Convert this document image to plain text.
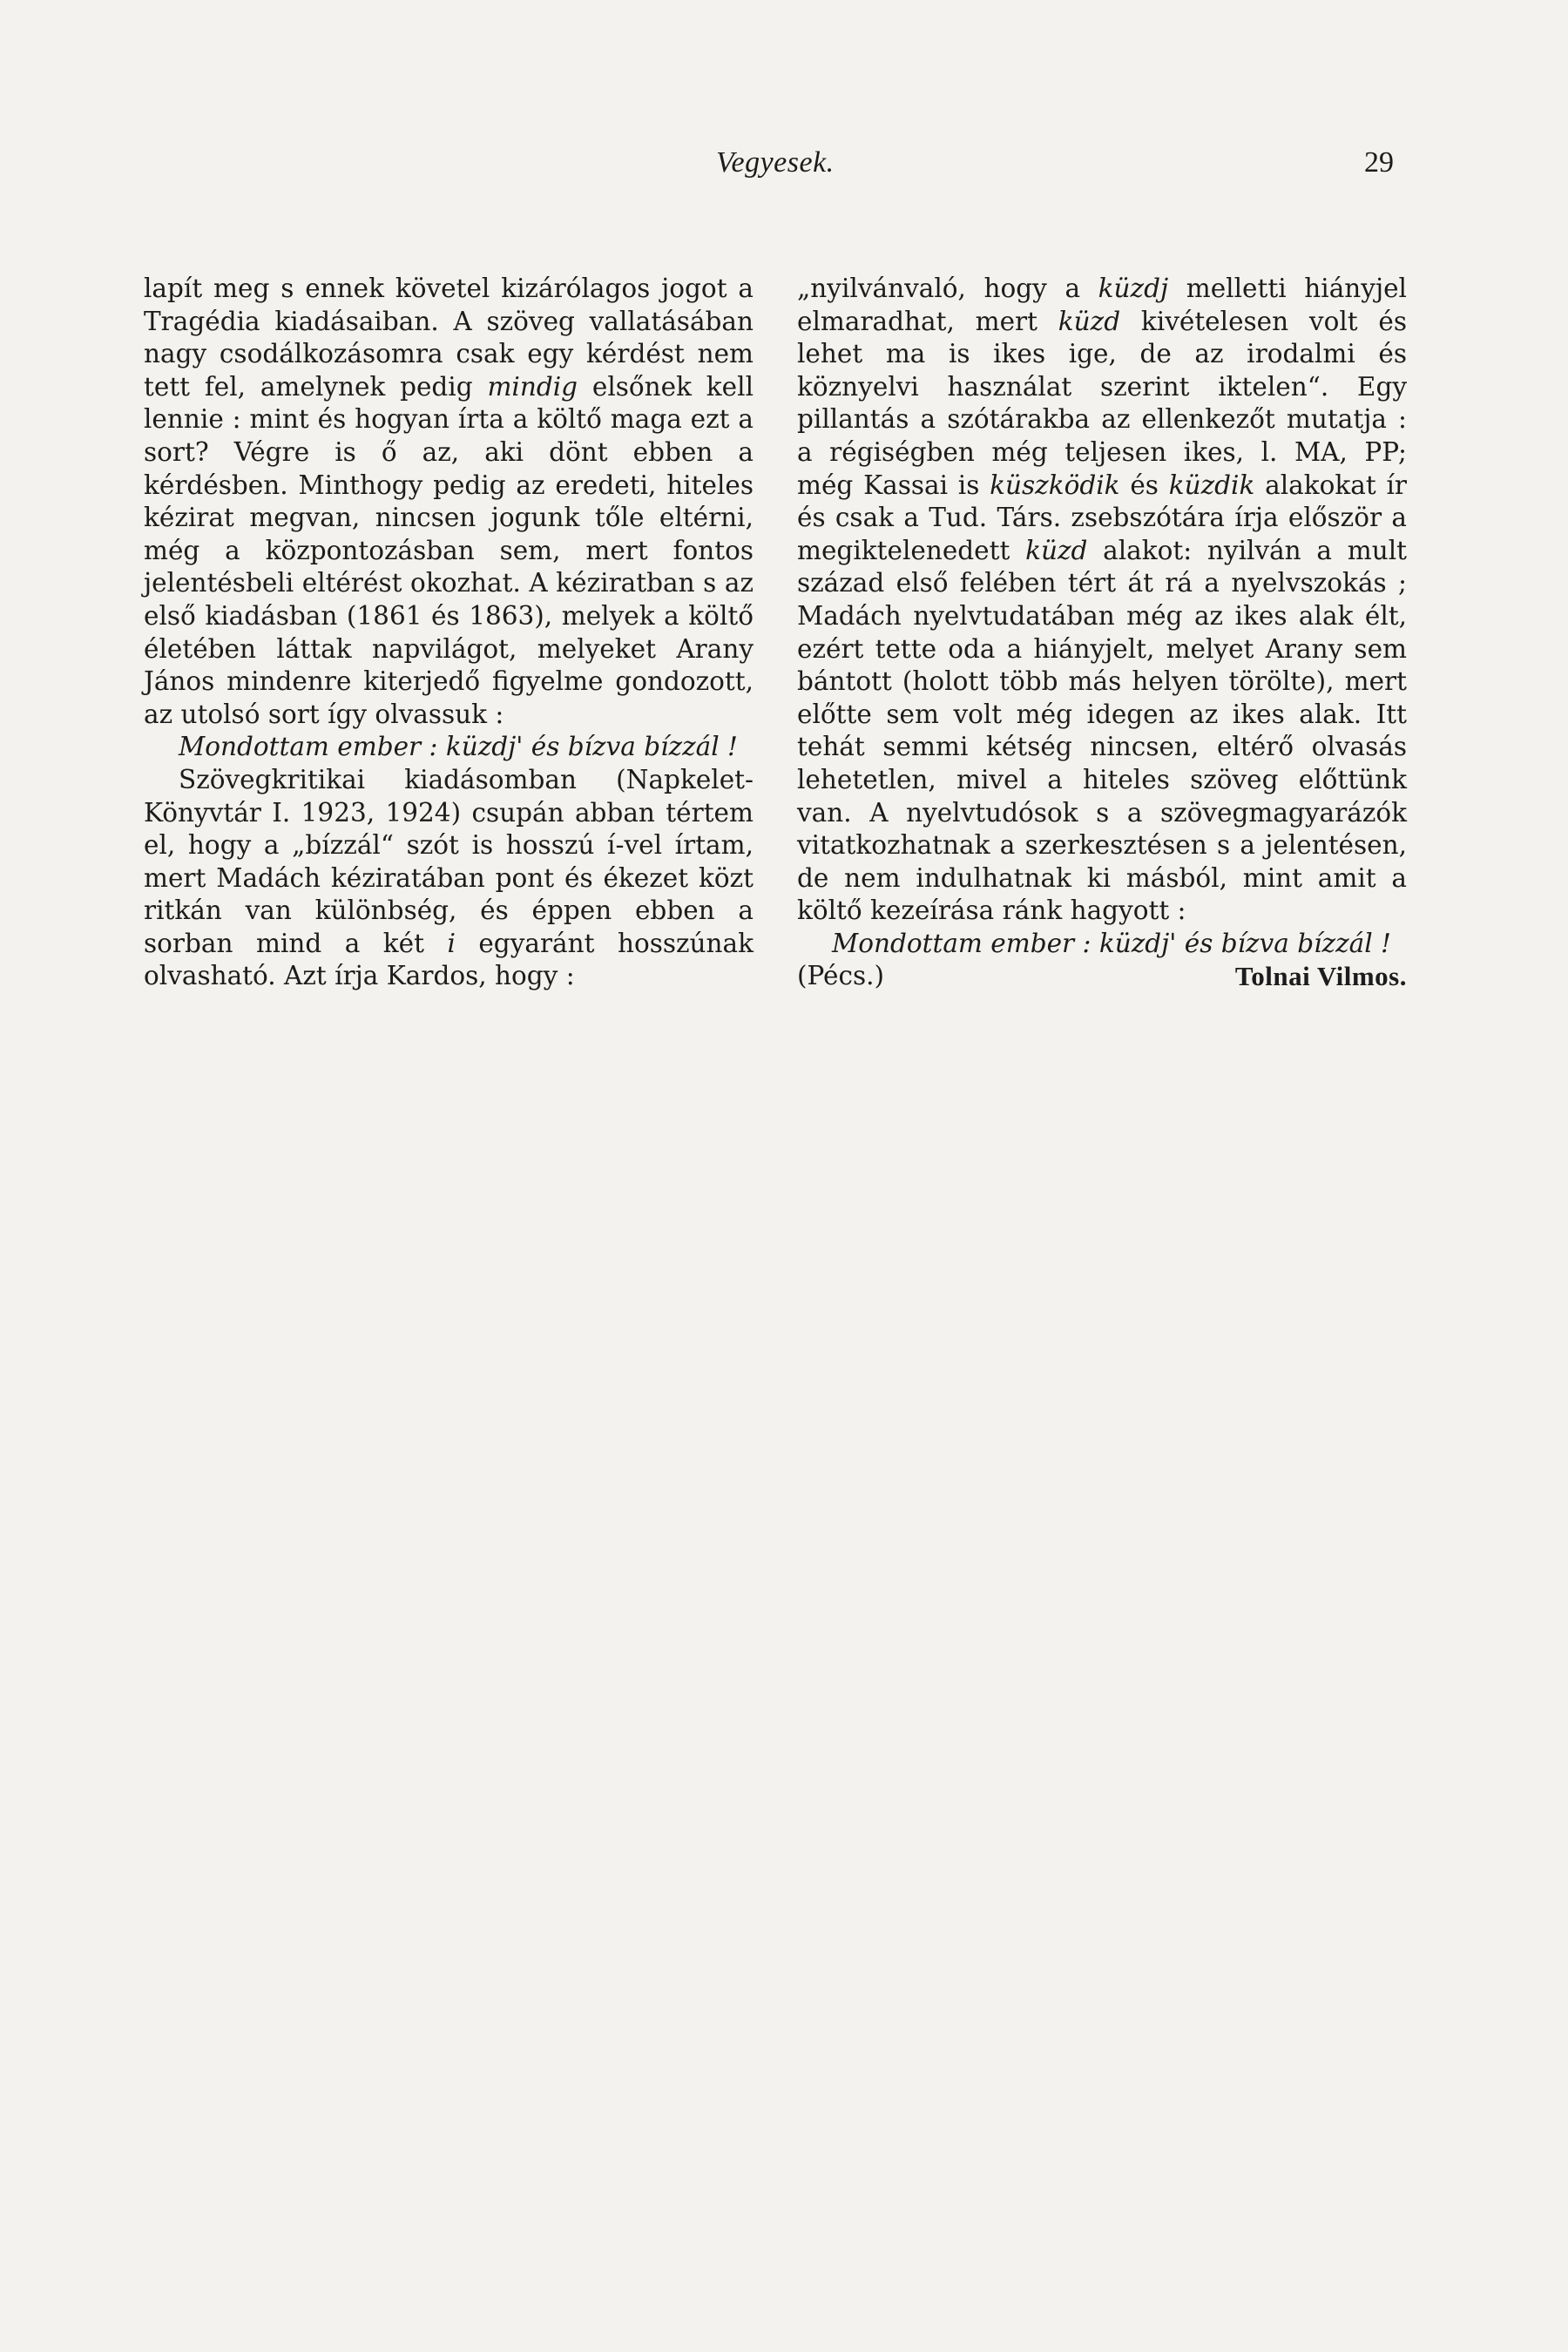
Vegyesek.	29

lapít meg s ennek követel kizárólagos jogot a Tragédia kiadásaiban. A szöveg vallatásában nagy csodálkozásomra csak egy kérdést nem tett fel, amelynek pedig mindig elsőnek kell lennie : mint és hogyan írta a költő maga ezt a sort? Végre is ő az, aki dönt ebben a kérdésben. Minthogy pedig az eredeti, hiteles kézirat megvan, nincsen jogunk tőle eltérni, még a központozásban sem, mert fontos jelentésbeli eltérést okozhat. A kéziratban s az első kiadásban (1861 és 1863), melyek a költő életében láttak napvilágot, melyeket Arany János mindenre kiterjedő figyelme gondozott, az utolsó sort így olvassuk :

Mondottam ember : küzdj' és bízva bízzál !

Szövegkritikai kiadásomban (Napkelet-Könyvtár I. 1923, 1924) csupán abban tértem el, hogy a „bízzál“ szót is hosszú í-vel írtam, mert Madách kéziratában pont és ékezet közt ritkán van különbség, és éppen ebben a sorban mind a két i egyaránt hosszúnak olvasható. Azt írja Kardos, hogy :

„nyilvánvaló, hogy a küzdj melletti hiányjel elmaradhat, mert küzd kivételesen volt és lehet ma is ikes ige, de az irodalmi és köznyelvi használat szerint iktelen“. Egy pillantás a szótárakba az ellenkezőt mutatja : a régiségben még teljesen ikes, l. MA, PP; még Kassai is küszködik és küzdik alakokat ír és csak a Tud. Társ. zsebszótára írja először a megiktelenedett küzd alakot: nyilván a mult század első felében tért át rá a nyelvszokás ; Madách nyelvtudatában még az ikes alak élt, ezért tette oda a hiányjelt, melyet Arany sem bántott (holott több más helyen törölte), mert előtte sem volt még idegen az ikes alak. Itt tehát semmi kétség nincsen, eltérő olvasás lehetetlen, mivel a hiteles szöveg előttünk van. A nyelvtudósok s a szövegmagyarázók vitatkozhatnak a szerkesztésen s a jelentésen, de nem indulhatnak ki másból, mint amit a költő kezeírása ránk hagyott :

Mondottam ember : küzdj' és bízva bízzál !

(Pécs.)	Tolnai Vilmos.
